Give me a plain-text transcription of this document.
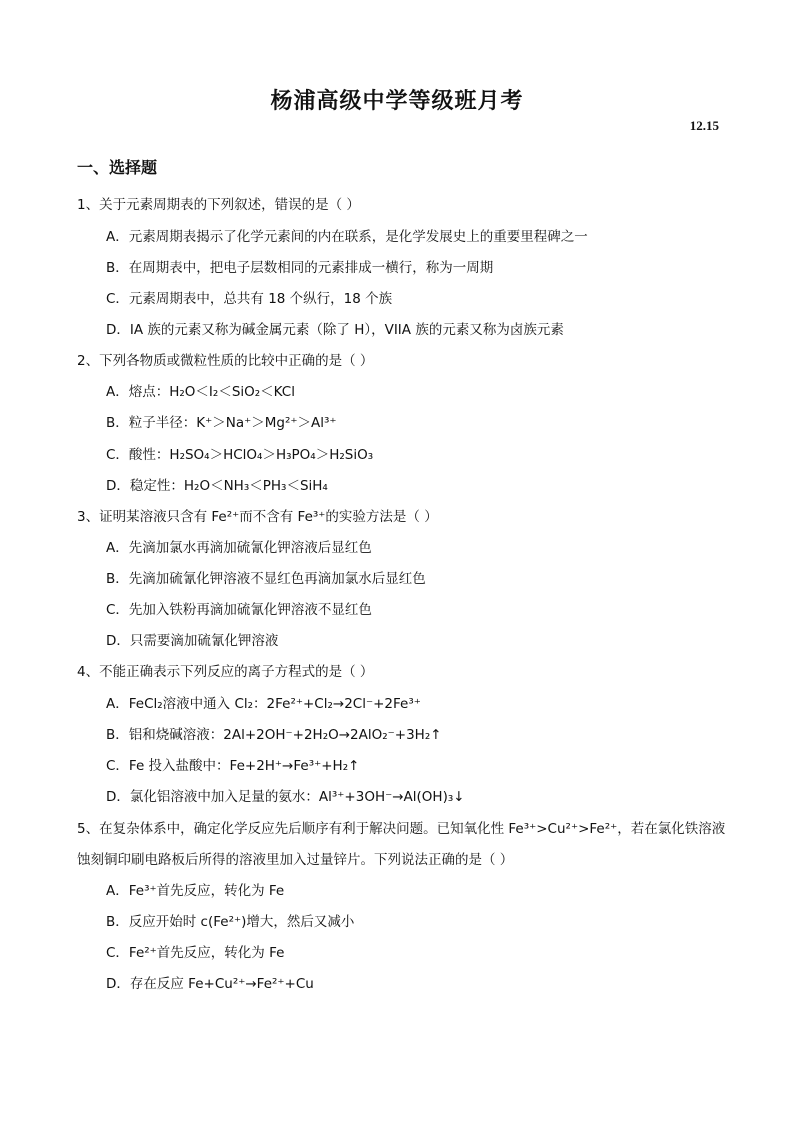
杨浦高级中学等级班月考
12.15
一、选择题
1、关于元素周期表的下列叙述，错误的是（ ）
A．元素周期表揭示了化学元素间的内在联系，是化学发展史上的重要里程碑之一
B．在周期表中，把电子层数相同的元素排成一横行，称为一周期
C．元素周期表中，总共有 18 个纵行，18 个族
D．IA 族的元素又称为碱金属元素（除了 H），VIIA 族的元素又称为卤族元素
2、下列各物质或微粒性质的比较中正确的是（ ）
A．熔点：H₂O＜I₂＜SiO₂＜KCl
B．粒子半径：K⁺＞Na⁺＞Mg²⁺＞Al³⁺
C．酸性：H₂SO₄＞HClO₄＞H₃PO₄＞H₂SiO₃
D．稳定性：H₂O＜NH₃＜PH₃＜SiH₄
3、证明某溶液只含有 Fe²⁺而不含有 Fe³⁺的实验方法是（ ）
A．先滴加氯水再滴加硫氰化钾溶液后显红色
B．先滴加硫氰化钾溶液不显红色再滴加氯水后显红色
C．先加入铁粉再滴加硫氰化钾溶液不显红色
D．只需要滴加硫氰化钾溶液
4、不能正确表示下列反应的离子方程式的是（ ）
A．FeCl₂溶液中通入 Cl₂：2Fe²⁺+Cl₂→2Cl⁻+2Fe³⁺
B．铝和烧碱溶液：2Al+2OH⁻+2H₂O→2AlO₂⁻+3H₂↑
C．Fe 投入盐酸中：Fe+2H⁺→Fe³⁺+H₂↑
D．氯化铝溶液中加入足量的氨水：Al³⁺+3OH⁻→Al(OH)₃↓
5、在复杂体系中，确定化学反应先后顺序有利于解决问题。已知氧化性 Fe³⁺>Cu²⁺>Fe²⁺，若在氯化铁溶液
蚀刻铜印刷电路板后所得的溶液里加入过量锌片。下列说法正确的是（ ）
A．Fe³⁺首先反应，转化为 Fe
B．反应开始时 c(Fe²⁺)增大，然后又减小
C．Fe²⁺首先反应，转化为 Fe
D．存在反应 Fe+Cu²⁺→Fe²⁺+Cu
